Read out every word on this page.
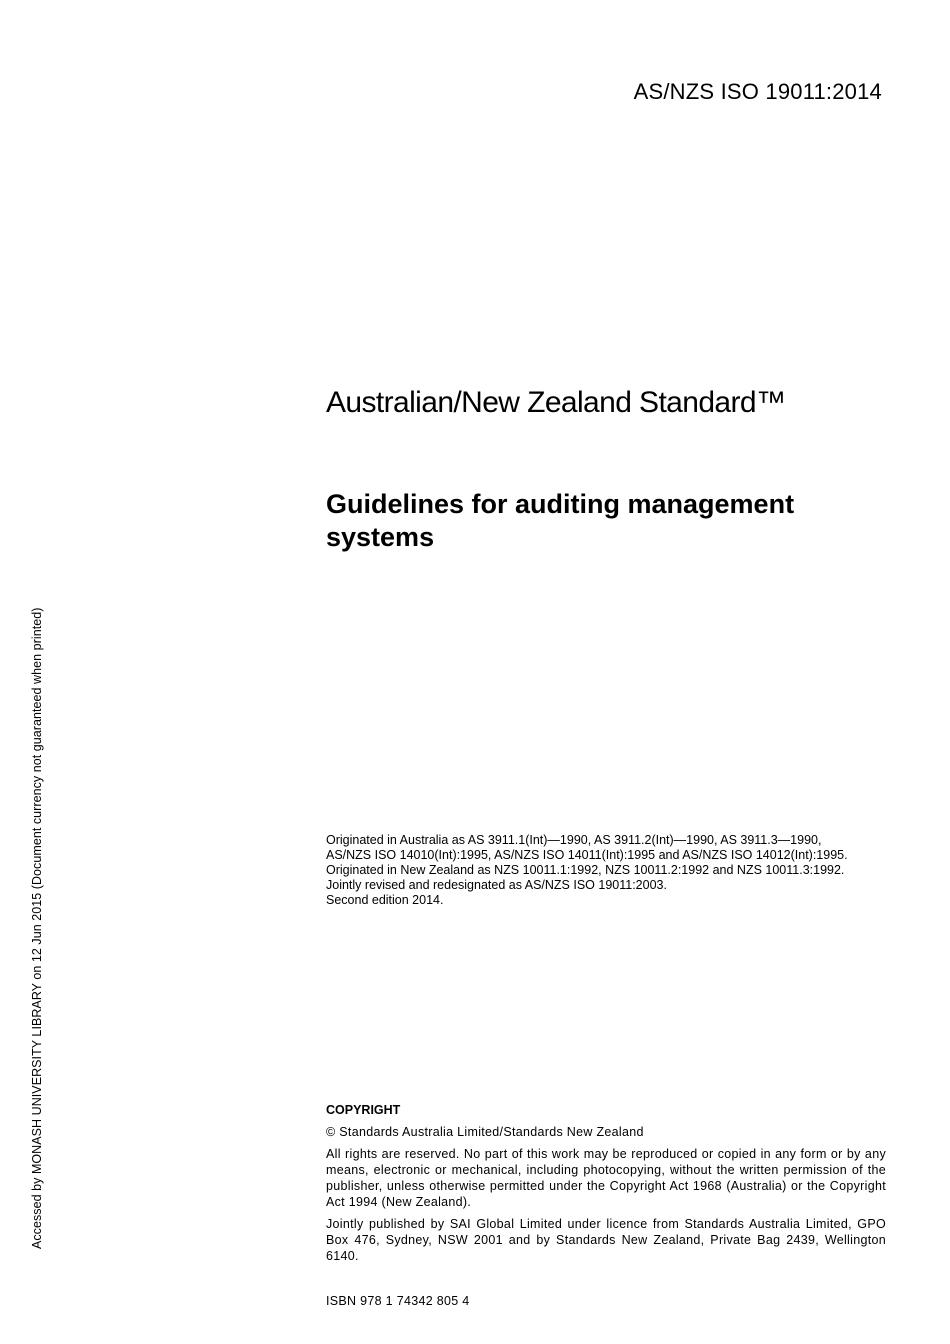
AS/NZS ISO 19011:2014
Australian/New Zealand Standard™
Guidelines for auditing management
systems
Originated in Australia as AS 3911.1(Int)—1990, AS 3911.2(Int)—1990, AS 3911.3—1990,
AS/NZS ISO 14010(Int):1995, AS/NZS ISO 14011(Int):1995 and AS/NZS ISO 14012(Int):1995.
Originated in New Zealand as NZS 10011.1:1992, NZS 10011.2:1992 and NZS 10011.3:1992.
Jointly revised and redesignated as AS/NZS ISO 19011:2003.
Second edition 2014.
COPYRIGHT

© Standards Australia Limited/Standards New Zealand

All rights are reserved. No part of this work may be reproduced or copied in any form or by any means, electronic or mechanical, including photocopying, without the written permission of the publisher, unless otherwise permitted under the Copyright Act 1968 (Australia) or the Copyright Act 1994 (New Zealand).

Jointly published by SAI Global Limited under licence from Standards Australia Limited, GPO Box 476, Sydney, NSW 2001 and by Standards New Zealand, Private Bag 2439, Wellington 6140.

ISBN 978 1 74342 805 4
Accessed by MONASH UNIVERSITY LIBRARY on 12 Jun 2015 (Document currency not guaranteed when printed)
